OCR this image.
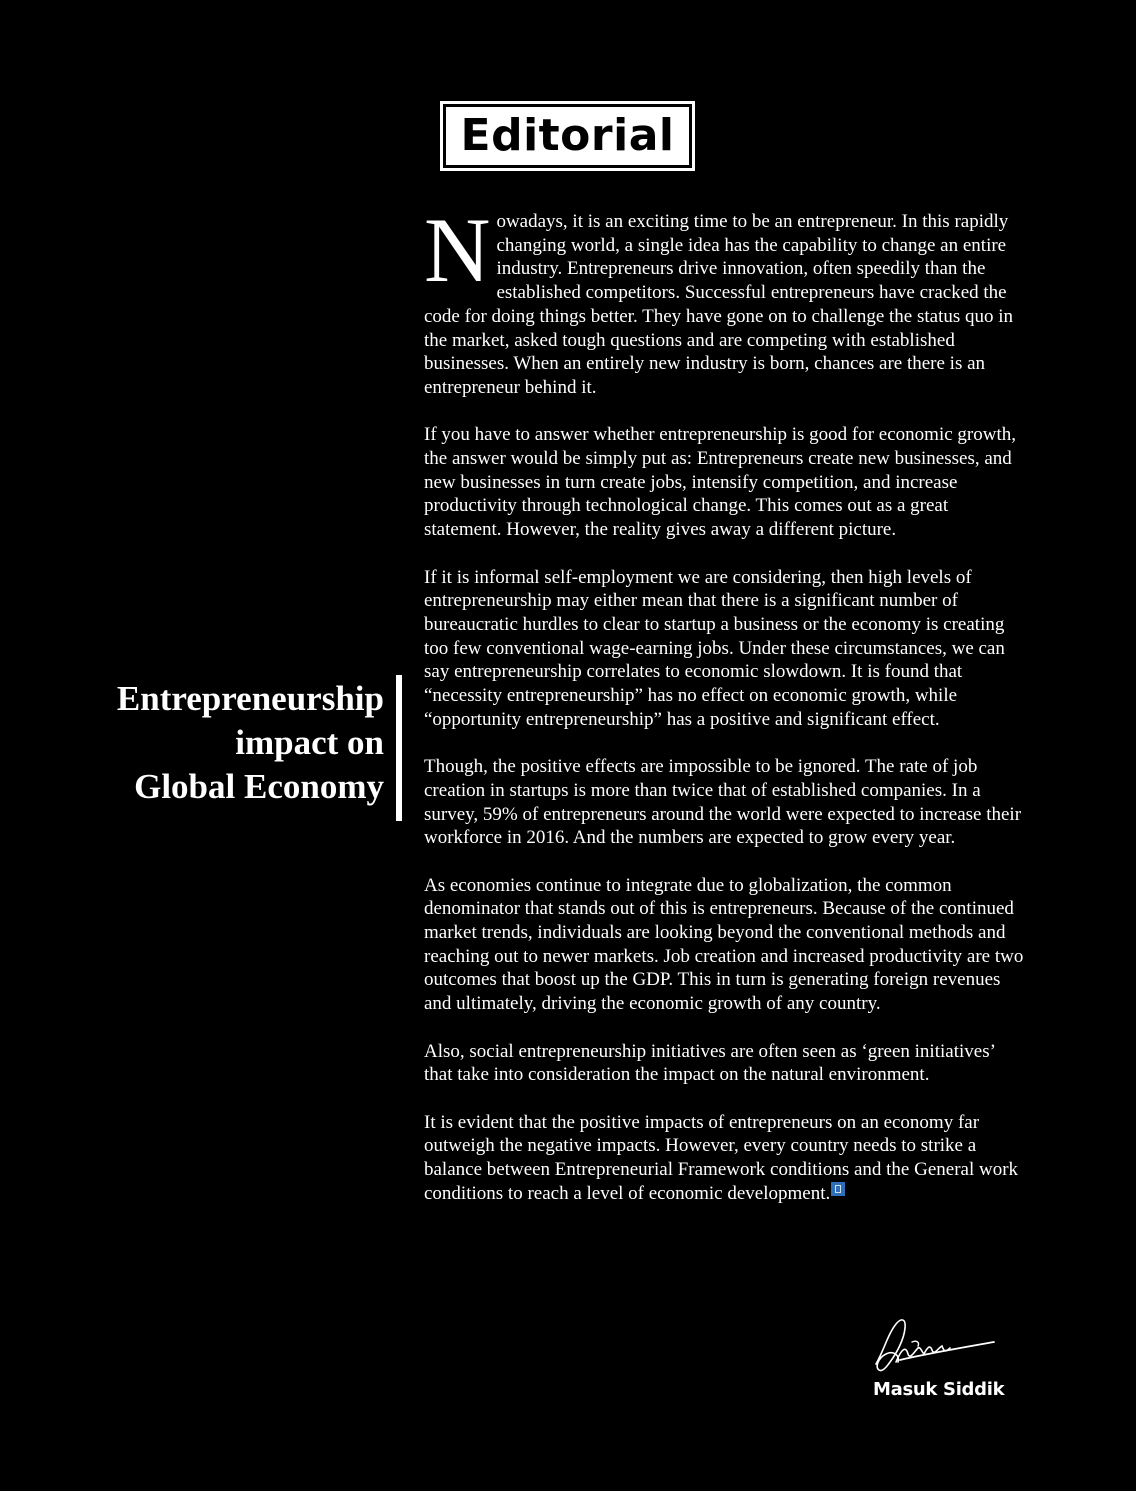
Editorial
Entrepreneurship
impact on
Global Economy

Nowadays, it is an exciting time to be an entrepreneur. In this rapidly changing world, a single idea has the capability to change an entire industry. Entrepreneurs drive innovation, often speedily than the established competitors. Successful entrepreneurs have cracked the code for doing things better. They have gone on to challenge the status quo in the market, asked tough questions and are competing with established businesses. When an entirely new industry is born, chances are there is an entrepreneur behind it.

If you have to answer whether entrepreneurship is good for economic growth, the answer would be simply put as: Entrepreneurs create new businesses, and new businesses in turn create jobs, intensify competition, and increase productivity through technological change. This comes out as a great statement. However, the reality gives away a different picture.

If it is informal self-employment we are considering, then high levels of entrepreneurship may either mean that there is a significant number of bureaucratic hurdles to clear to startup a business or the economy is creating too few conventional wage-earning jobs. Under these circumstances, we can say entrepreneurship correlates to economic slowdown. It is found that “necessity entrepreneurship” has no effect on economic growth, while “opportunity entrepreneurship” has a positive and significant effect.

Though, the positive effects are impossible to be ignored. The rate of job creation in startups is more than twice that of established companies. In a survey, 59% of entrepreneurs around the world were expected to increase their workforce in 2016. And the numbers are expected to grow every year.

As economies continue to integrate due to globalization, the common denominator that stands out of this is entrepreneurs. Because of the continued market trends, individuals are looking beyond the conventional methods and reaching out to newer markets. Job creation and increased productivity are two outcomes that boost up the GDP. This in turn is generating foreign revenues and ultimately, driving the economic growth of any country.

Also, social entrepreneurship initiatives are often seen as ‘green initiatives’ that take into consideration the impact on the natural environment.

It is evident that the positive impacts of entrepreneurs on an economy far outweigh the negative impacts. However, every country needs to strike a balance between Entrepreneurial Framework conditions and the General work conditions to reach a level of economic development.

Masuk Siddik
